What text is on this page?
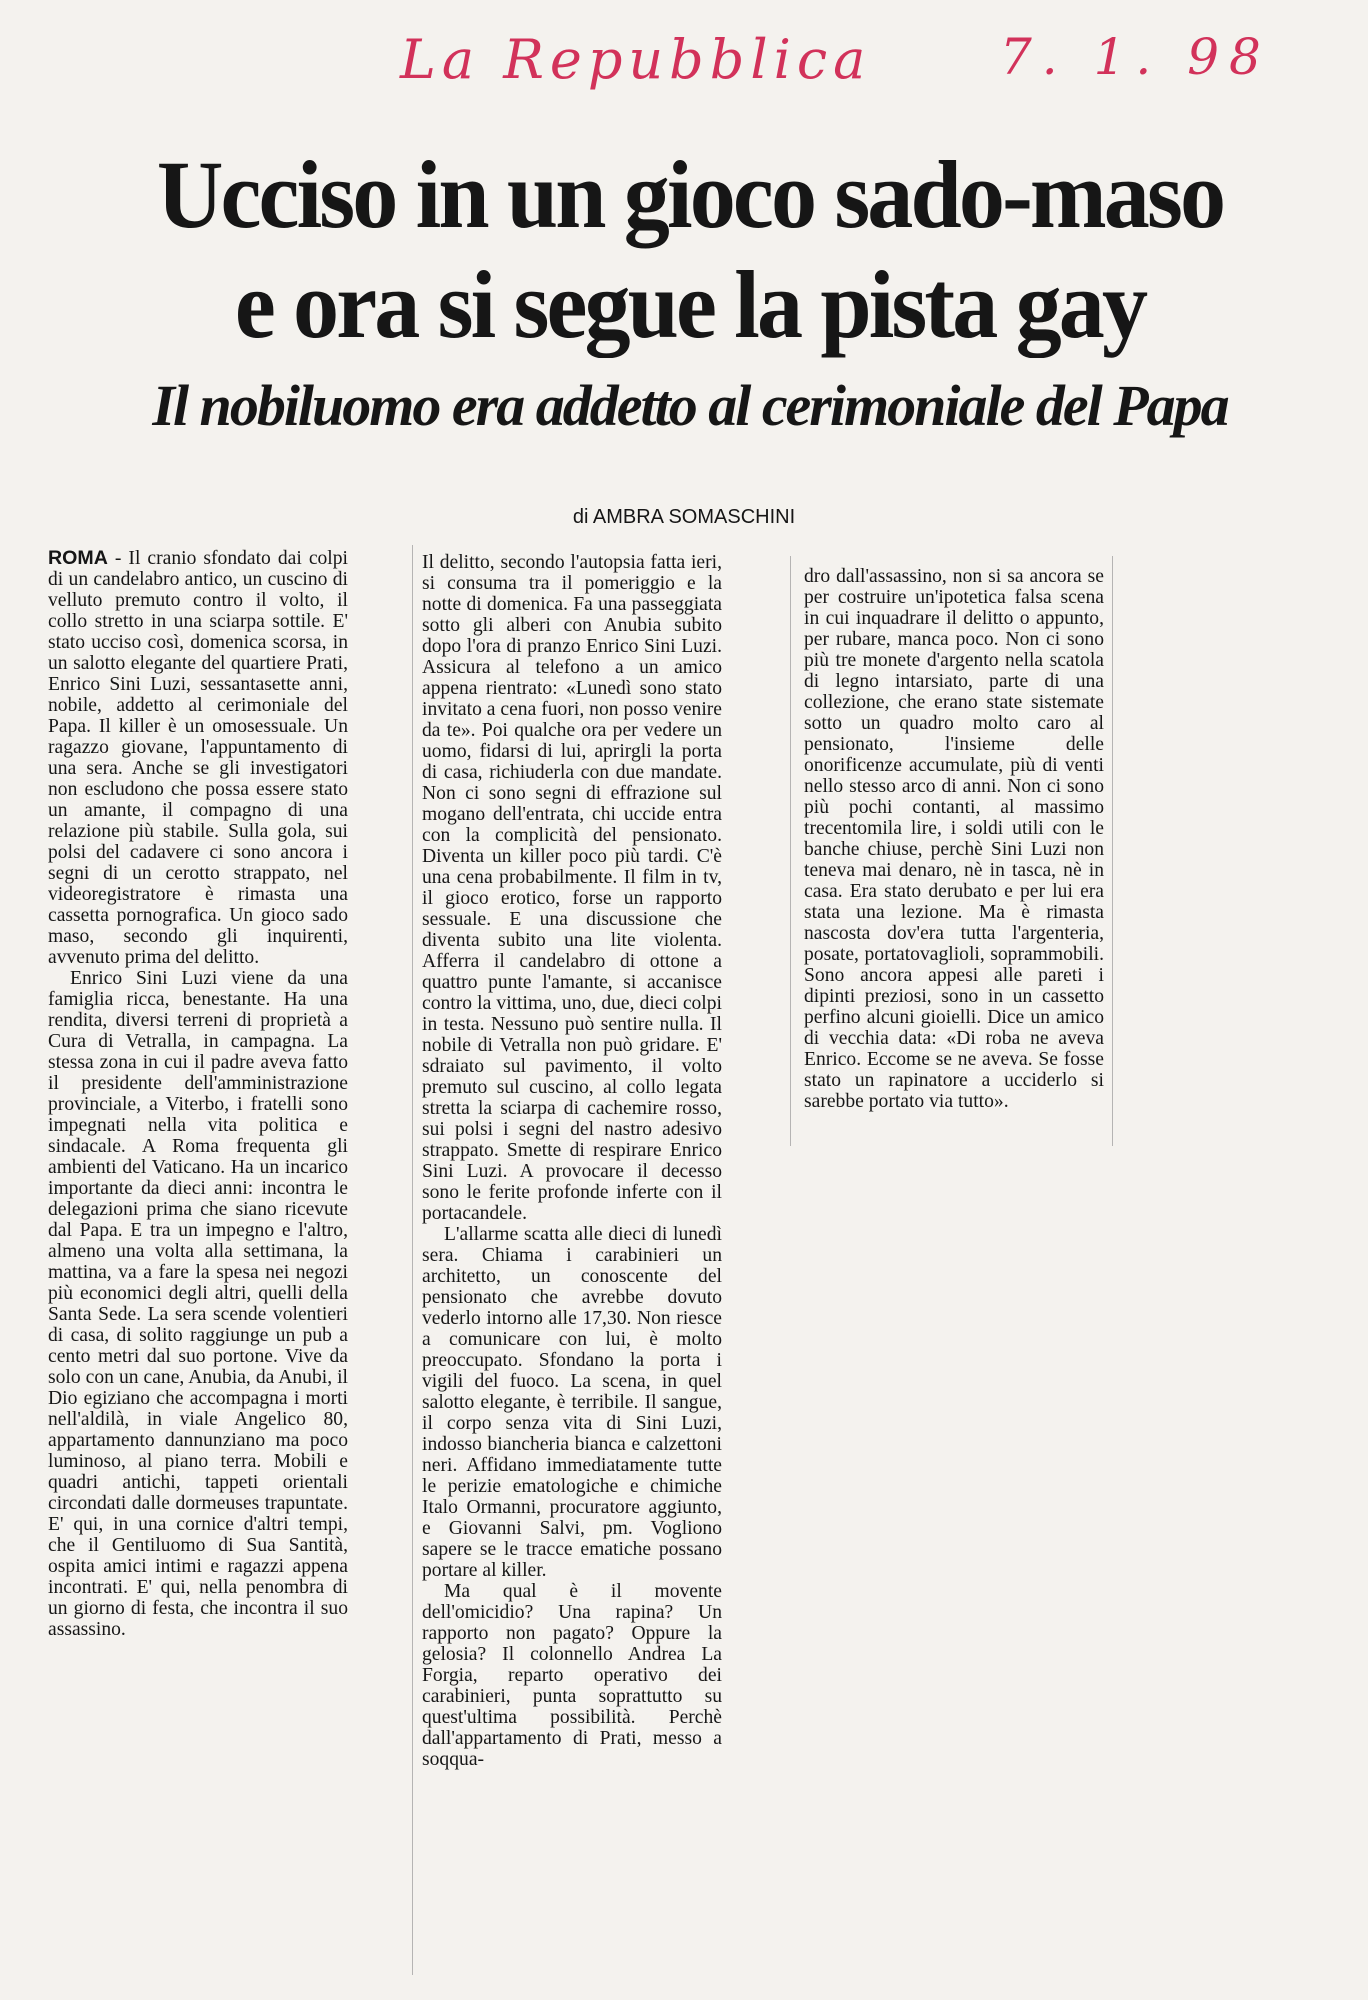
La Repubblica	7. 1. 98
Ucciso in un gioco sado-maso
e ora si segue la pista gay
Il nobiluomo era addetto al cerimoniale del Papa
di AMBRA SOMASCHINI

ROMA - Il cranio sfondato dai colpi di un candelabro antico, un cuscino di velluto premuto contro il volto, il collo stretto in una sciarpa sottile. E' stato ucciso così, domenica scorsa, in un salotto elegante del quartiere Prati, Enrico Sini Luzi, sessantasette anni, nobile, addetto al cerimoniale del Papa. Il killer è un omosessuale. Un ragazzo giovane, l'appuntamento di una sera. Anche se gli investigatori non escludono che possa essere stato un amante, il compagno di una relazione più stabile. Sulla gola, sui polsi del cadavere ci sono ancora i segni di un cerotto strappato, nel videoregistratore è rimasta una cassetta pornografica. Un gioco sado maso, secondo gli inquirenti, avvenuto prima del delitto.

Enrico Sini Luzi viene da una famiglia ricca, benestante. Ha una rendita, diversi terreni di proprietà a Cura di Vetralla, in campagna. La stessa zona in cui il padre aveva fatto il presidente dell'amministrazione provinciale, a Viterbo, i fratelli sono impegnati nella vita politica e sindacale. A Roma frequenta gli ambienti del Vaticano. Ha un incarico importante da dieci anni: incontra le delegazioni prima che siano ricevute dal Papa. E tra un impegno e l'altro, almeno una volta alla settimana, la mattina, va a fare la spesa nei negozi più economici degli altri, quelli della Santa Sede. La sera scende volentieri di casa, di solito raggiunge un pub a cento metri dal suo portone. Vive da solo con un cane, Anubia, da Anubi, il Dio egiziano che accompagna i morti nell'aldilà, in viale Angelico 80, appartamento dannunziano ma poco luminoso, al piano terra. Mobili e quadri antichi, tappeti orientali circondati dalle dormeuses trapuntate. E' qui, in una cornice d'altri tempi, che il Gentiluomo di Sua Santità, ospita amici intimi e ragazzi appena incontrati. E' qui, nella penombra di un giorno di festa, che incontra il suo assassino.

Il delitto, secondo l'autopsia fatta ieri, si consuma tra il pomeriggio e la notte di domenica. Fa una passeggiata sotto gli alberi con Anubia subito dopo l'ora di pranzo Enrico Sini Luzi. Assicura al telefono a un amico appena rientrato: «Lunedì sono stato invitato a cena fuori, non posso venire da te». Poi qualche ora per vedere un uomo, fidarsi di lui, aprirgli la porta di casa, richiuderla con due mandate. Non ci sono segni di effrazione sul mogano dell'entrata, chi uccide entra con la complicità del pensionato. Diventa un killer poco più tardi. C'è una cena probabilmente. Il film in tv, il gioco erotico, forse un rapporto sessuale. E una discussione che diventa subito una lite violenta. Afferra il candelabro di ottone a quattro punte l'amante, si accanisce contro la vittima, uno, due, dieci colpi in testa. Nessuno può sentire nulla. Il nobile di Vetralla non può gridare. E' sdraiato sul pavimento, il volto premuto sul cuscino, al collo legata stretta la sciarpa di cachemire rosso, sui polsi i segni del nastro adesivo strappato. Smette di respirare Enrico Sini Luzi. A provocare il decesso sono le ferite profonde inferte con il portacandele.

L'allarme scatta alle dieci di lunedì sera. Chiama i carabinieri un architetto, un conoscente del pensionato che avrebbe dovuto vederlo intorno alle 17,30. Non riesce a comunicare con lui, è molto preoccupato. Sfondano la porta i vigili del fuoco. La scena, in quel salotto elegante, è terribile. Il sangue, il corpo senza vita di Sini Luzi, indosso biancheria bianca e calzettoni neri. Affidano immediatamente tutte le perizie ematologiche e chimiche Italo Ormanni, procuratore aggiunto, e Giovanni Salvi, pm. Vogliono sapere se le tracce ematiche possano portare al killer.

Ma qual è il movente dell'omicidio? Una rapina? Un rapporto non pagato? Oppure la gelosia? Il colonnello Andrea La Forgia, reparto operativo dei carabinieri, punta soprattutto su quest'ultima possibilità. Perchè dall'appartamento di Prati, messo a soqqua-

dro dall'assassino, non si sa ancora se per costruire un'ipotetica falsa scena in cui inquadrare il delitto o appunto, per rubare, manca poco. Non ci sono più tre monete d'argento nella scatola di legno intarsiato, parte di una collezione, che erano state sistemate sotto un quadro molto caro al pensionato, l'insieme delle onorificenze accumulate, più di venti nello stesso arco di anni. Non ci sono più pochi contanti, al massimo trecentomila lire, i soldi utili con le banche chiuse, perchè Sini Luzi non teneva mai denaro, nè in tasca, nè in casa. Era stato derubato e per lui era stata una lezione. Ma è rimasta nascosta dov'era tutta l'argenteria, posate, portatovaglioli, soprammobili. Sono ancora appesi alle pareti i dipinti preziosi, sono in un cassetto perfino alcuni gioielli. Dice un amico di vecchia data: «Di roba ne aveva Enrico. Eccome se ne aveva. Se fosse stato un rapinatore a ucciderlo si sarebbe portato via tutto».
